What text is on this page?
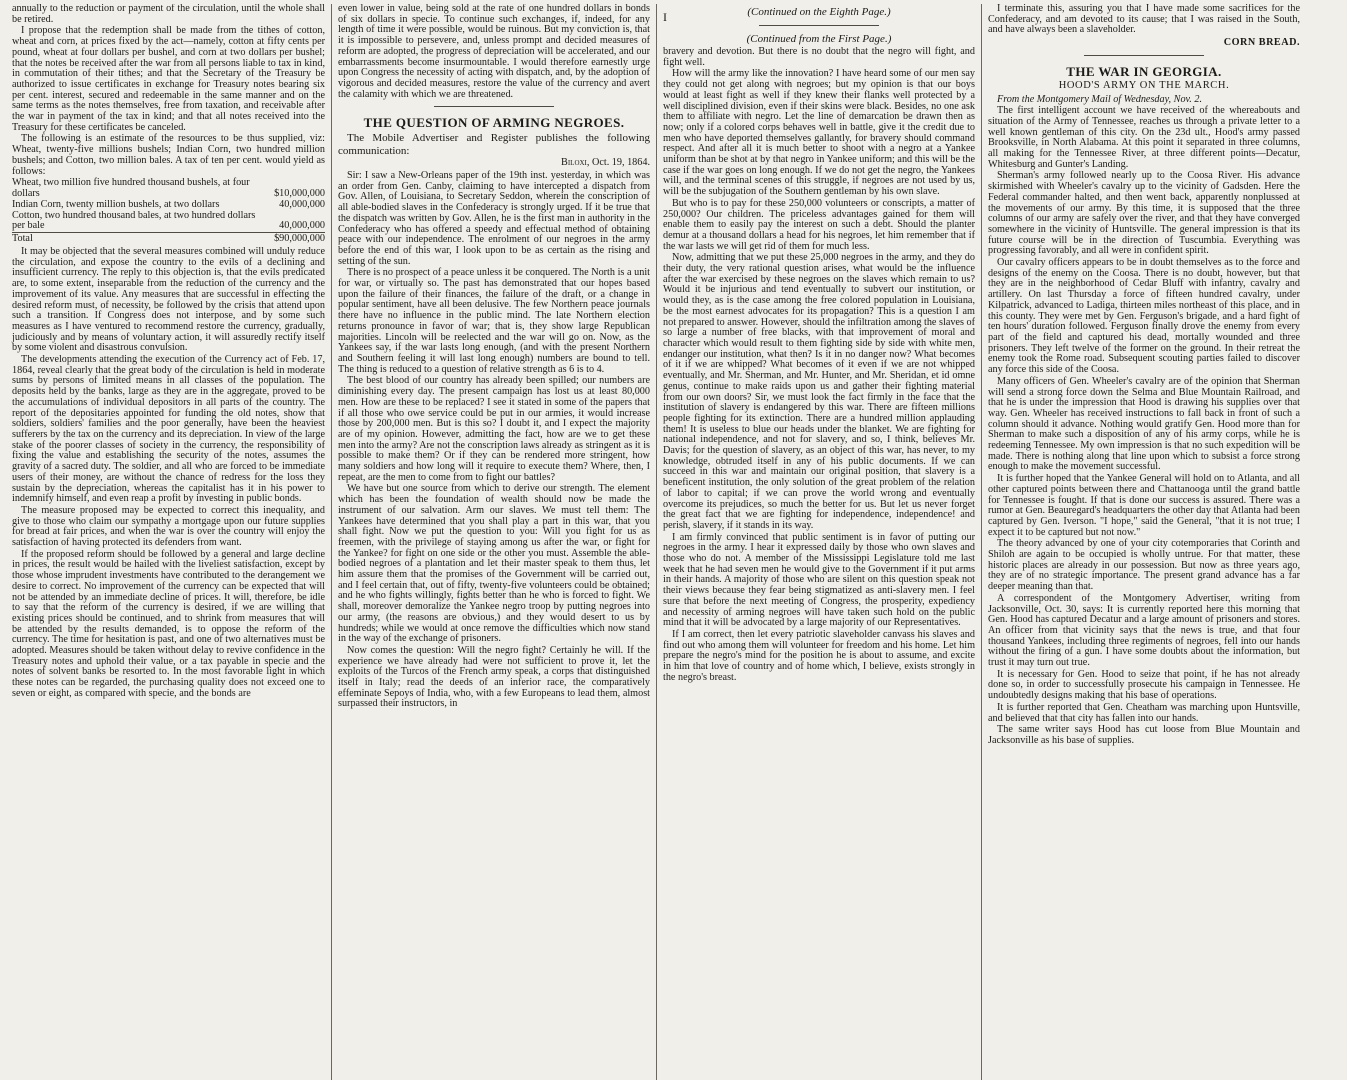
I

annually to the reduction or payment of the circulation, until the whole shall be retired.

I propose that the redemption shall be made from the tithes of cotton, wheat and corn, at prices fixed by the act—namely, cotton at fifty cents per pound, wheat at four dollars per bushel, and corn at two dollars per bushel; that the notes be received after the war from all persons liable to tax in kind, in commutation of their tithes; and that the Secretary of the Treasury be authorized to issue certificates in exchange for Treasury notes bearing six per cent. interest, secured and redeemable in the same manner and on the same terms as the notes themselves, free from taxation, and receivable after the war in payment of the tax in kind; and that all notes received into the Treasury for these certificates be canceled.

The following is an estimate of the resources to be thus supplied, viz: Wheat, twenty-five millions bushels; Indian Corn, two hundred million bushels; and Cotton, two million bales. A tax of ten per cent. would yield as follows:

Wheat, two million five hundred thousand bushels, at four dollars	$10,000,000
Indian Corn, twenty million bushels, at two dollars	40,000,000
Cotton, two hundred thousand bales, at two hundred dollars per bale	40,000,000
Total	$90,000,000

It may be objected that the several measures combined will unduly reduce the circulation, and expose the country to the evils of a declining and insufficient currency. The reply to this objection is, that the evils predicated are, to some extent, inseparable from the reduction of the currency and the improvement of its value. Any measures that are successful in effecting the desired reform must, of necessity, be followed by the crisis that attend upon such a transition. If Congress does not interpose, and by some such measures as I have ventured to recommend restore the currency, gradually, judiciously and by means of voluntary action, it will assuredly rectify itself by some violent and disastrous convulsion.

The developments attending the execution of the Currency act of Feb. 17, 1864, reveal clearly that the great body of the circulation is held in moderate sums by persons of limited means in all classes of the population. The deposits held by the banks, large as they are in the aggregate, proved to be the accumulations of individual depositors in all parts of the country. The report of the depositaries appointed for funding the old notes, show that soldiers, soldiers' families and the poor generally, have been the heaviest sufferers by the tax on the currency and its depreciation. In view of the large stake of the poorer classes of society in the currency, the responsibility of fixing the value and establishing the security of the notes, assumes the gravity of a sacred duty. The soldier, and all who are forced to be immediate users of their money, are without the chance of redress for the loss they sustain by the depreciation, whereas the capitalist has it in his power to indemnify himself, and even reap a profit by investing in public bonds.

The measure proposed may be expected to correct this inequality, and give to those who claim our sympathy a mortgage upon our future supplies for bread at fair prices, and when the war is over the country will enjoy the satisfaction of having protected its defenders from want.

If the proposed reform should be followed by a general and large decline in prices, the result would be hailed with the liveliest satisfaction, except by those whose imprudent investments have contributed to the derangement we desire to correct. No improvement of the currency can be expected that will not be attended by an immediate decline of prices. It will, therefore, be idle to say that the reform of the currency is desired, if we are willing that existing prices should be continued, and to shrink from measures that will be attended by the results demanded, is to oppose the reform of the currency. The time for hesitation is past, and one of two alternatives must be adopted. Measures should be taken without delay to revive confidence in the Treasury notes and uphold their value, or a tax payable in specie and the notes of solvent banks be resorted to. In the most favorable light in which these notes can be regarded, the purchasing quality does not exceed one to seven or eight, as compared with specie, and the bonds are

even lower in value, being sold at the rate of one hundred dollars in bonds of six dollars in specie. To continue such exchanges, if, indeed, for any length of time it were possible, would be ruinous. But my conviction is, that it is impossible to persevere, and, unless prompt and decided measures of reform are adopted, the progress of depreciation will be accelerated, and our embarrassments become insurmountable. I would therefore earnestly urge upon Congress the necessity of acting with dispatch, and, by the adoption of vigorous and decided measures, restore the value of the currency and avert the calamity with which we are threatened.

THE QUESTION OF ARMING NEGROES.

The Mobile Advertiser and Register publishes the following communication:

Biloxi, Oct. 19, 1864.

Sir: I saw a New-Orleans paper of the 19th inst. yesterday, in which was an order from Gen. Canby, claiming to have intercepted a dispatch from Gov. Allen, of Louisiana, to Secretary Seddon, wherein the conscription of all able-bodied slaves in the Confederacy is strongly urged. If it be true that the dispatch was written by Gov. Allen, he is the first man in authority in the Confederacy who has offered a speedy and effectual method of obtaining peace with our independence. The enrolment of our negroes in the army before the end of this war, I look upon to be as certain as the rising and setting of the sun.

There is no prospect of a peace unless it be conquered. The North is a unit for war, or virtually so. The past has demonstrated that our hopes based upon the failure of their finances, the failure of the draft, or a change in popular sentiment, have all been delusive. The few Northern peace journals there have no influence in the public mind. The late Northern election returns pronounce in favor of war; that is, they show large Republican majorities. Lincoln will be reelected and the war will go on. Now, as the Yankees say, if the war lasts long enough, (and with the present Northern and Southern feeling it will last long enough) numbers are bound to tell. The thing is reduced to a question of relative strength as 6 is to 4.

The best blood of our country has already been spilled; our numbers are diminishing every day. The present campaign has lost us at least 80,000 men. How are these to be replaced? I see it stated in some of the papers that if all those who owe service could be put in our armies, it would increase those by 200,000 men. But is this so? I doubt it, and I expect the majority are of my opinion. However, admitting the fact, how are we to get these men into the army? Are not the conscription laws already as stringent as it is possible to make them? Or if they can be rendered more stringent, how many soldiers and how long will it require to execute them? Where, then, I repeat, are the men to come from to fight our battles?

We have but one source from which to derive our strength. The element which has been the foundation of wealth should now be made the instrument of our salvation. Arm our slaves. We must tell them: The Yankees have determined that you shall play a part in this war, that you shall fight. Now we put the question to you: Will you fight for us as freemen, with the privilege of staying among us after the war, or fight for the Yankee? for fight on one side or the other you must. Assemble the able-bodied negroes of a plantation and let their master speak to them thus, let him assure them that the promises of the Government will be carried out, and I feel certain that, out of fifty, twenty-five volunteers could be obtained; and he who fights willingly, fights better than he who is forced to fight. We shall, moreover demoralize the Yankee negro troop by putting negroes into our army, (the reasons are obvious,) and they would desert to us by hundreds; while we would at once remove the difficulties which now stand in the way of the exchange of prisoners.

Now comes the question: Will the negro fight? Certainly he will. If the experience we have already had were not sufficient to prove it, let the exploits of the Turcos of the French army speak, a corps that distinguished itself in Italy; read the deeds of an inferior race, the comparatively effeminate Sepoys of India, who, with a few Europeans to lead them, almost surpassed their instructors, in

(Continued on the Eighth Page.)
(Continued from the First Page.)

bravery and devotion. But there is no doubt that the negro will fight, and fight well.

How will the army like the innovation? I have heard some of our men say they could not get along with negroes; but my opinion is that our boys would at least fight as well if they knew their flanks well protected by a well disciplined division, even if their skins were black. Besides, no one ask them to affiliate with negro. Let the line of demarcation be drawn then as now; only if a colored corps behaves well in battle, give it the credit due to men who have deported themselves gallantly, for bravery should command respect. And after all it is much better to shoot with a negro at a Yankee uniform than be shot at by that negro in Yankee uniform; and this will be the case if the war goes on long enough. If we do not get the negro, the Yankees will, and the terminal scenes of this struggle, if negroes are not used by us, will be the subjugation of the Southern gentleman by his own slave.

But who is to pay for these 250,000 volunteers or conscripts, a matter of 250,000? Our children. The priceless advantages gained for them will enable them to easily pay the interest on such a debt. Should the planter demur at a thousand dollars a head for his negroes, let him remember that if the war lasts we will get rid of them for much less.

Now, admitting that we put these 25,000 negroes in the army, and they do their duty, the very rational question arises, what would be the influence after the war exercised by these negroes on the slaves which remain to us? Would it be injurious and tend eventually to subvert our institution, or would they, as is the case among the free colored population in Louisiana, be the most earnest advocates for its propagation? This is a question I am not prepared to answer. However, should the infiltration among the slaves of so large a number of free blacks, with that improvement of moral and character which would result to them fighting side by side with white men, endanger our institution, what then? Is it in no danger now? What becomes of it if we are whipped? What becomes of it even if we are not whipped eventually, and Mr. Sherman, and Mr. Hunter, and Mr. Sheridan, et id omne genus, continue to make raids upon us and gather their fighting material from our own doors? Sir, we must look the fact firmly in the face that the institution of slavery is endangered by this war. There are fifteen millions people fighting for its extinction. There are a hundred million applauding them! It is useless to blue our heads under the blanket. We are fighting for national independence, and not for slavery, and so, I think, believes Mr. Davis; for the question of slavery, as an object of this war, has never, to my knowledge, obtruded itself in any of his public documents. If we can succeed in this war and maintain our original position, that slavery is a beneficent institution, the only solution of the great problem of the relation of labor to capital; if we can prove the world wrong and eventually overcome its prejudices, so much the better for us. But let us never forget the great fact that we are fighting for independence, independence! and perish, slavery, if it stands in its way.

I am firmly convinced that public sentiment is in favor of putting our negroes in the army. I hear it expressed daily by those who own slaves and those who do not. A member of the Mississippi Legislature told me last week that he had seven men he would give to the Government if it put arms in their hands. A majority of those who are silent on this question speak not their views because they fear being stigmatized as anti-slavery men. I feel sure that before the next meeting of Congress, the prosperity, expediency and necessity of arming negroes will have taken such hold on the public mind that it will be advocated by a large majority of our Representatives.

If I am correct, then let every patriotic slaveholder canvass his slaves and find out who among them will volunteer for freedom and his home. Let him prepare the negro's mind for the position he is about to assume, and excite in him that love of country and of home which, I believe, exists strongly in the negro's breast.

I terminate this, assuring you that I have made some sacrifices for the Confederacy, and am devoted to its cause; that I was raised in the South, and have always been a slaveholder.

CORN BREAD.
THE WAR IN GEORGIA.
HOOD'S ARMY ON THE MARCH.

From the Montgomery Mail of Wednesday, Nov. 2.

The first intelligent account we have received of the whereabouts and situation of the Army of Tennessee, reaches us through a private letter to a well known gentleman of this city. On the 23d ult., Hood's army passed Brooksville, in North Alabama. At this point it separated in three columns, all making for the Tennessee River, at three different points—Decatur, Whitesburg and Gunter's Landing.

Sherman's army followed nearly up to the Coosa River. His advance skirmished with Wheeler's cavalry up to the vicinity of Gadsden. Here the Federal commander halted, and then went back, apparently nonplussed at the movements of our army. By this time, it is supposed that the three columns of our army are safely over the river, and that they have converged somewhere in the vicinity of Huntsville. The general impression is that its future course will be in the direction of Tuscumbia. Everything was progressing favorably, and all were in confident spirit.

Our cavalry officers appears to be in doubt themselves as to the force and designs of the enemy on the Coosa. There is no doubt, however, but that they are in the neighborhood of Cedar Bluff with infantry, cavalry and artillery. On last Thursday a force of fifteen hundred cavalry, under Kilpatrick, advanced to Ladiga, thirteen miles northeast of this place, and in this county. They were met by Gen. Ferguson's brigade, and a hard fight of ten hours' duration followed. Ferguson finally drove the enemy from every part of the field and captured his dead, mortally wounded and three prisoners. They left twelve of the former on the ground. In their retreat the enemy took the Rome road. Subsequent scouting parties failed to discover any force this side of the Coosa.

Many officers of Gen. Wheeler's cavalry are of the opinion that Sherman will send a strong force down the Selma and Blue Mountain Railroad, and that he is under the impression that Hood is drawing his supplies over that way. Gen. Wheeler has received instructions to fall back in front of such a column should it advance. Nothing would gratify Gen. Hood more than for Sherman to make such a disposition of any of his army corps, while he is redeeming Tennessee. My own impression is that no such expedition will be made. There is nothing along that line upon which to subsist a force strong enough to make the movement successful.

It is further hoped that the Yankee General will hold on to Atlanta, and all other captured points between there and Chattanooga until the grand battle for Tennessee is fought. If that is done our success is assured. There was a rumor at Gen. Beauregard's headquarters the other day that Atlanta had been captured by Gen. Iverson. "I hope," said the General, "that it is not true; I expect it to be captured but not now."

The theory advanced by one of your city cotemporaries that Corinth and Shiloh are again to be occupied is wholly untrue. For that matter, these historic places are already in our possession. But now as three years ago, they are of no strategic importance. The present grand advance has a far deeper meaning than that.

A correspondent of the Montgomery Advertiser, writing from Jacksonville, Oct. 30, says: It is currently reported here this morning that Gen. Hood has captured Decatur and a large amount of prisoners and stores. An officer from that vicinity says that the news is true, and that four thousand Yankees, including three regiments of negroes, fell into our hands without the firing of a gun. I have some doubts about the information, but trust it may turn out true.

It is necessary for Gen. Hood to seize that point, if he has not already done so, in order to successfully prosecute his campaign in Tennessee. He undoubtedly designs making that his base of operations.

It is further reported that Gen. Cheatham was marching upon Huntsville, and believed that that city has fallen into our hands.

The same writer says Hood has cut loose from Blue Mountain and Jacksonville as his base of supplies.
